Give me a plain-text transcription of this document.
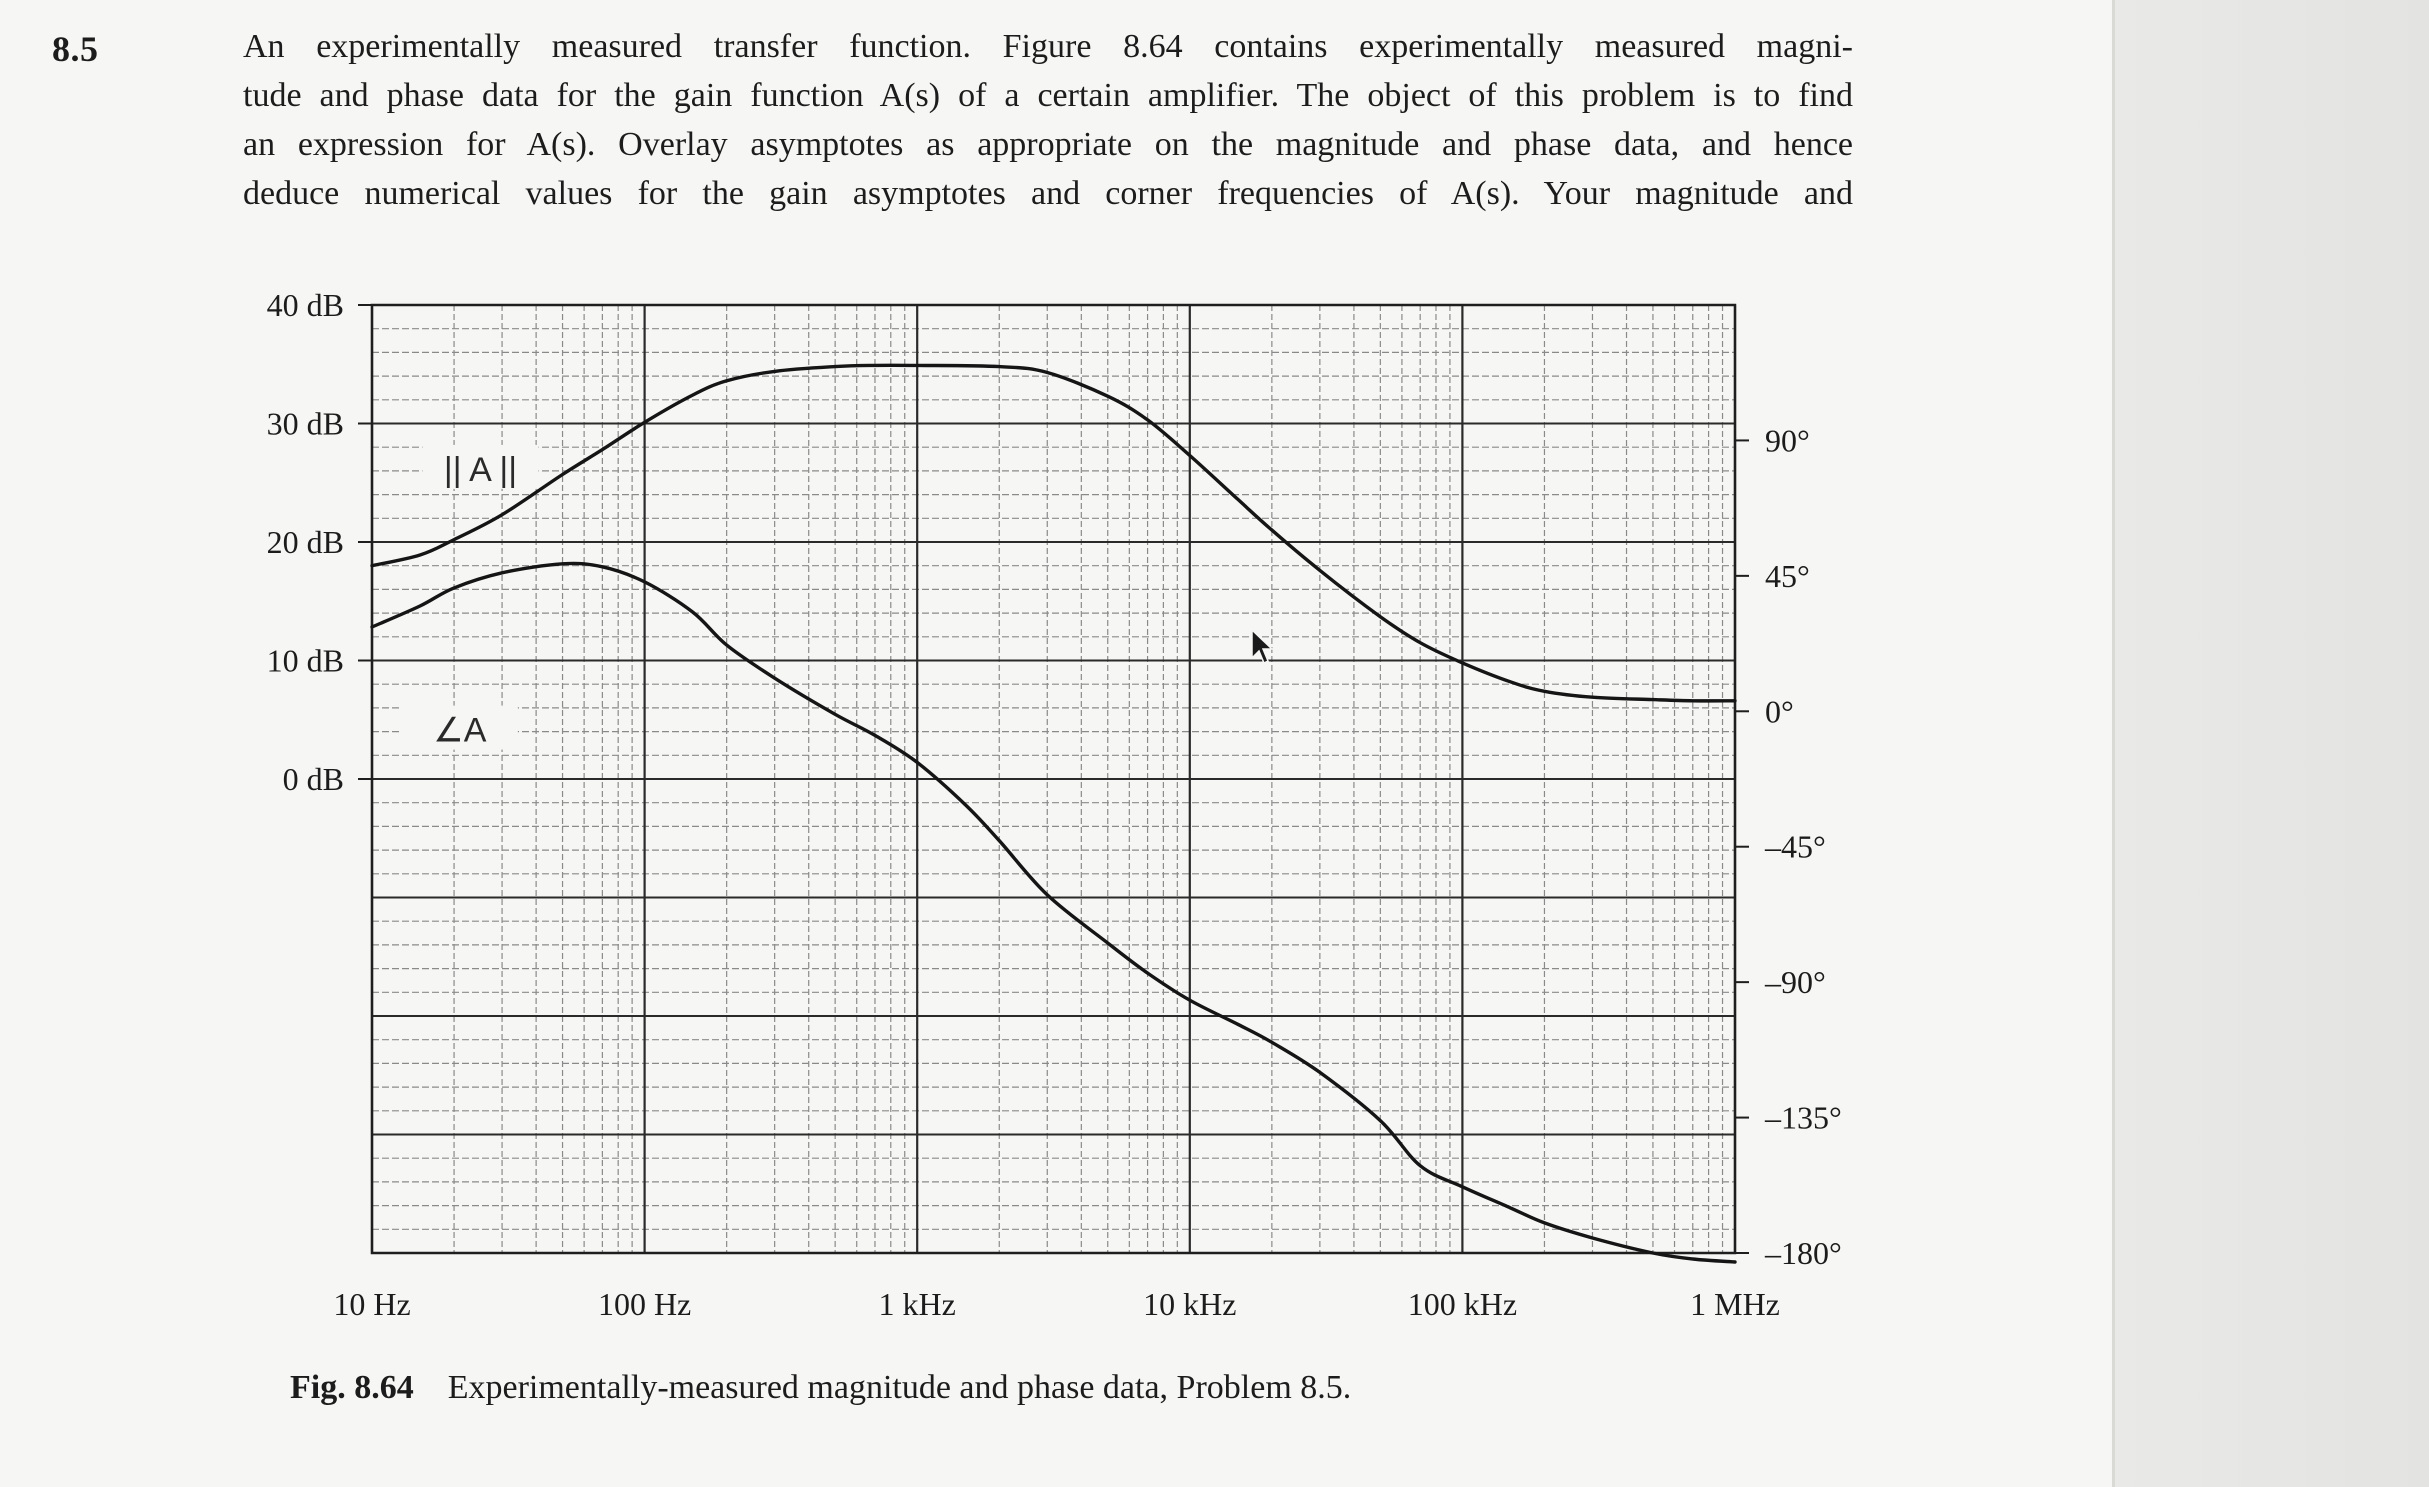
8.5	An experimentally measured transfer function. Figure 8.64 contains experimentally measured magni-
tude and phase data for the gain function A(s) of a certain amplifier. The object of this problem is to find
an expression for A(s). Overlay asymptotes as appropriate on the magnitude and phase data, and hence
deduce numerical values for the gain asymptotes and corner frequencies of A(s). Your magnitude and
40 dB
30 dB
20 dB
10 dB
0 dB
90°
45°
0°
–45°
–90°
–135°
–180°
10 Hz	100 Hz	1 kHz	10 kHz	100 kHz	1 MHz
|| A ||
∠A
Fig. 8.64 Experimentally-measured magnitude and phase data, Problem 8.5.
